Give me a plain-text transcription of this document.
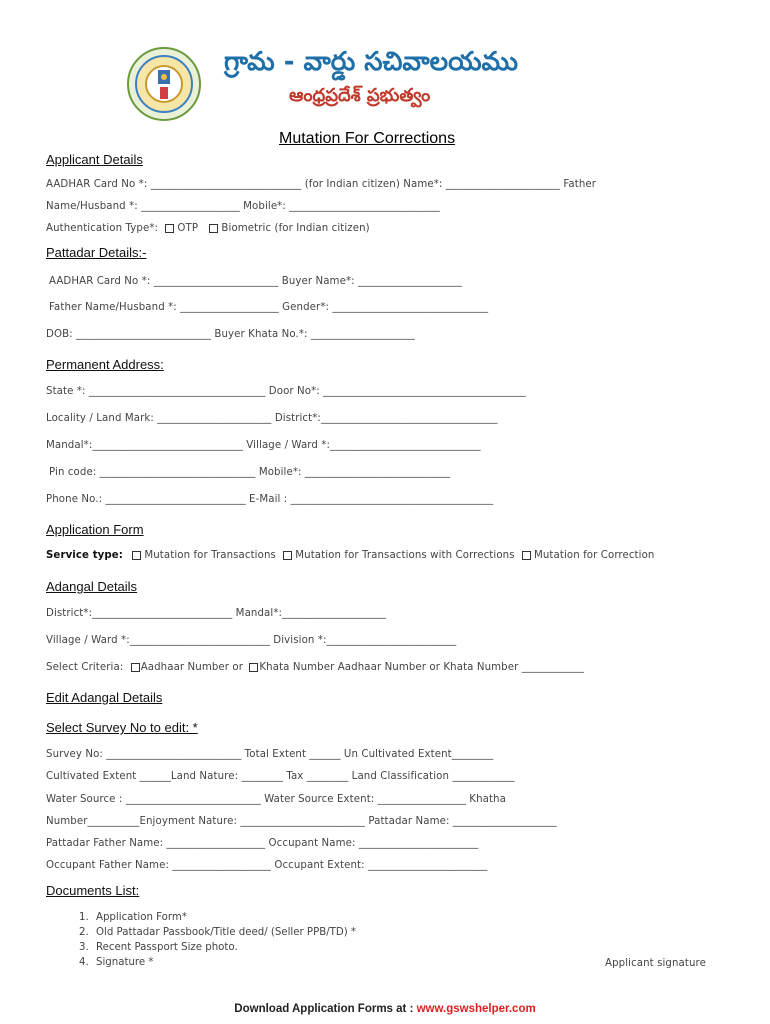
గ్రామ - వార్డు సచివాలయము
ఆంధ్రప్రదేశ్ ప్రభుత్వం
Mutation For Corrections
Applicant Details
AADHAR Card No *: _____________________________ (for Indian citizen) Name*: ______________________ Father
Name/Husband *: ___________________ Mobile*: _____________________________
Authentication Type*: OTP Biometric (for Indian citizen)
Pattadar Details:-
AADHAR Card No *: ________________________ Buyer Name*: ____________________
Father Name/Husband *: ___________________ Gender*: ______________________________
DOB: __________________________ Buyer Khata No.*: ____________________
Permanent Address:
State *: __________________________________ Door No*: _______________________________________
Locality / Land Mark: ______________________ District*:__________________________________
Mandal*:_____________________________ Village / Ward *:_____________________________
Pin code: ______________________________ Mobile*: ____________________________
Phone No.: ___________________________ E-Mail : _______________________________________
Application Form
Service type: Mutation for Transactions Mutation for Transactions with Corrections Mutation for Correction
Adangal Details
District*:___________________________ Mandal*:____________________
Village / Ward *:___________________________ Division *:_________________________
Select Criteria: Aadhaar Number or Khata Number Aadhaar Number or Khata Number ____________
Edit Adangal Details
Select Survey No to edit: *
Survey No: __________________________ Total Extent ______ Un Cultivated Extent________
Cultivated Extent ______Land Nature: ________ Tax ________ Land Classification ____________
Water Source : __________________________ Water Source Extent: _________________ Khatha
Number__________Enjoyment Nature: ________________________ Pattadar Name: ____________________
Pattadar Father Name: ___________________ Occupant Name: _______________________
Occupant Father Name: ___________________ Occupant Extent: _______________________
Documents List:
1. Application Form*
2. Old Pattadar Passbook/Title deed/ (Seller PPB/TD) *
3. Recent Passport Size photo.
4. Signature *	Applicant signature
Download Application Forms at : www.gswshelper.com
